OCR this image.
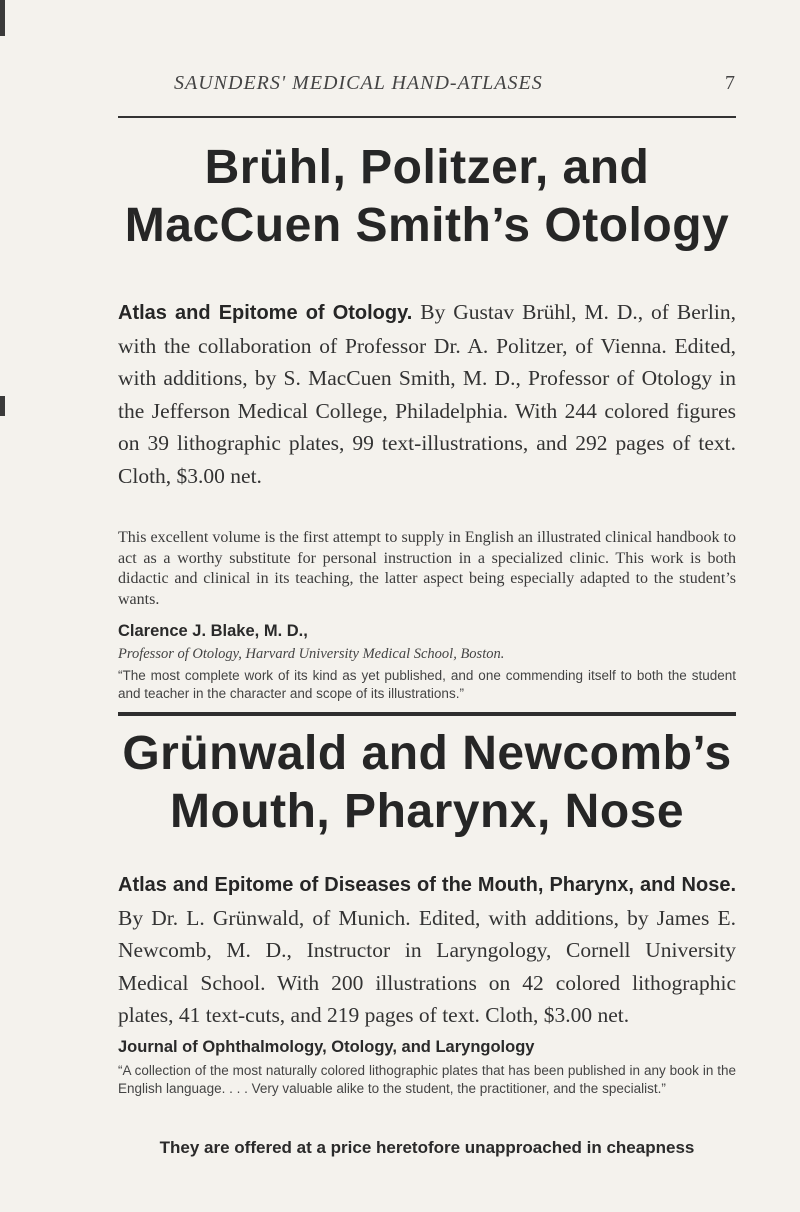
SAUNDERS' MEDICAL HAND-ATLASES	7
Brühl, Politzer, and
MacCuen Smith’s Otology

Atlas and Epitome of Otology. By Gustav Brühl, M. D., of Berlin, with the collaboration of Professor Dr. A. Politzer, of Vienna. Edited, with additions, by S. MacCuen Smith, M. D., Professor of Otology in the Jefferson Medical College, Philadelphia. With 244 colored figures on 39 lithographic plates, 99 text-illustrations, and 292 pages of text. Cloth, $3.00 net.

This excellent volume is the first attempt to supply in English an illustrated clinical handbook to act as a worthy substitute for personal instruction in a specialized clinic. This work is both didactic and clinical in its teaching, the latter aspect being especially adapted to the student’s wants.

Clarence J. Blake, M. D.,

Professor of Otology, Harvard University Medical School, Boston.

“The most complete work of its kind as yet published, and one commending itself to both the student and teacher in the character and scope of its illustrations.”

Grünwald and Newcomb’s
Mouth, Pharynx, Nose

Atlas and Epitome of Diseases of the Mouth, Pharynx, and Nose. By Dr. L. Grünwald, of Munich. Edited, with additions, by James E. Newcomb, M. D., Instructor in Laryngology, Cornell University Medical School. With 200 illustrations on 42 colored lithographic plates, 41 text-cuts, and 219 pages of text. Cloth, $3.00 net.

Journal of Ophthalmology, Otology, and Laryngology

“A collection of the most naturally colored lithographic plates that has been published in any book in the English language. . . . Very valuable alike to the student, the practitioner, and the specialist.”

They are offered at a price heretofore unapproached in cheapness
